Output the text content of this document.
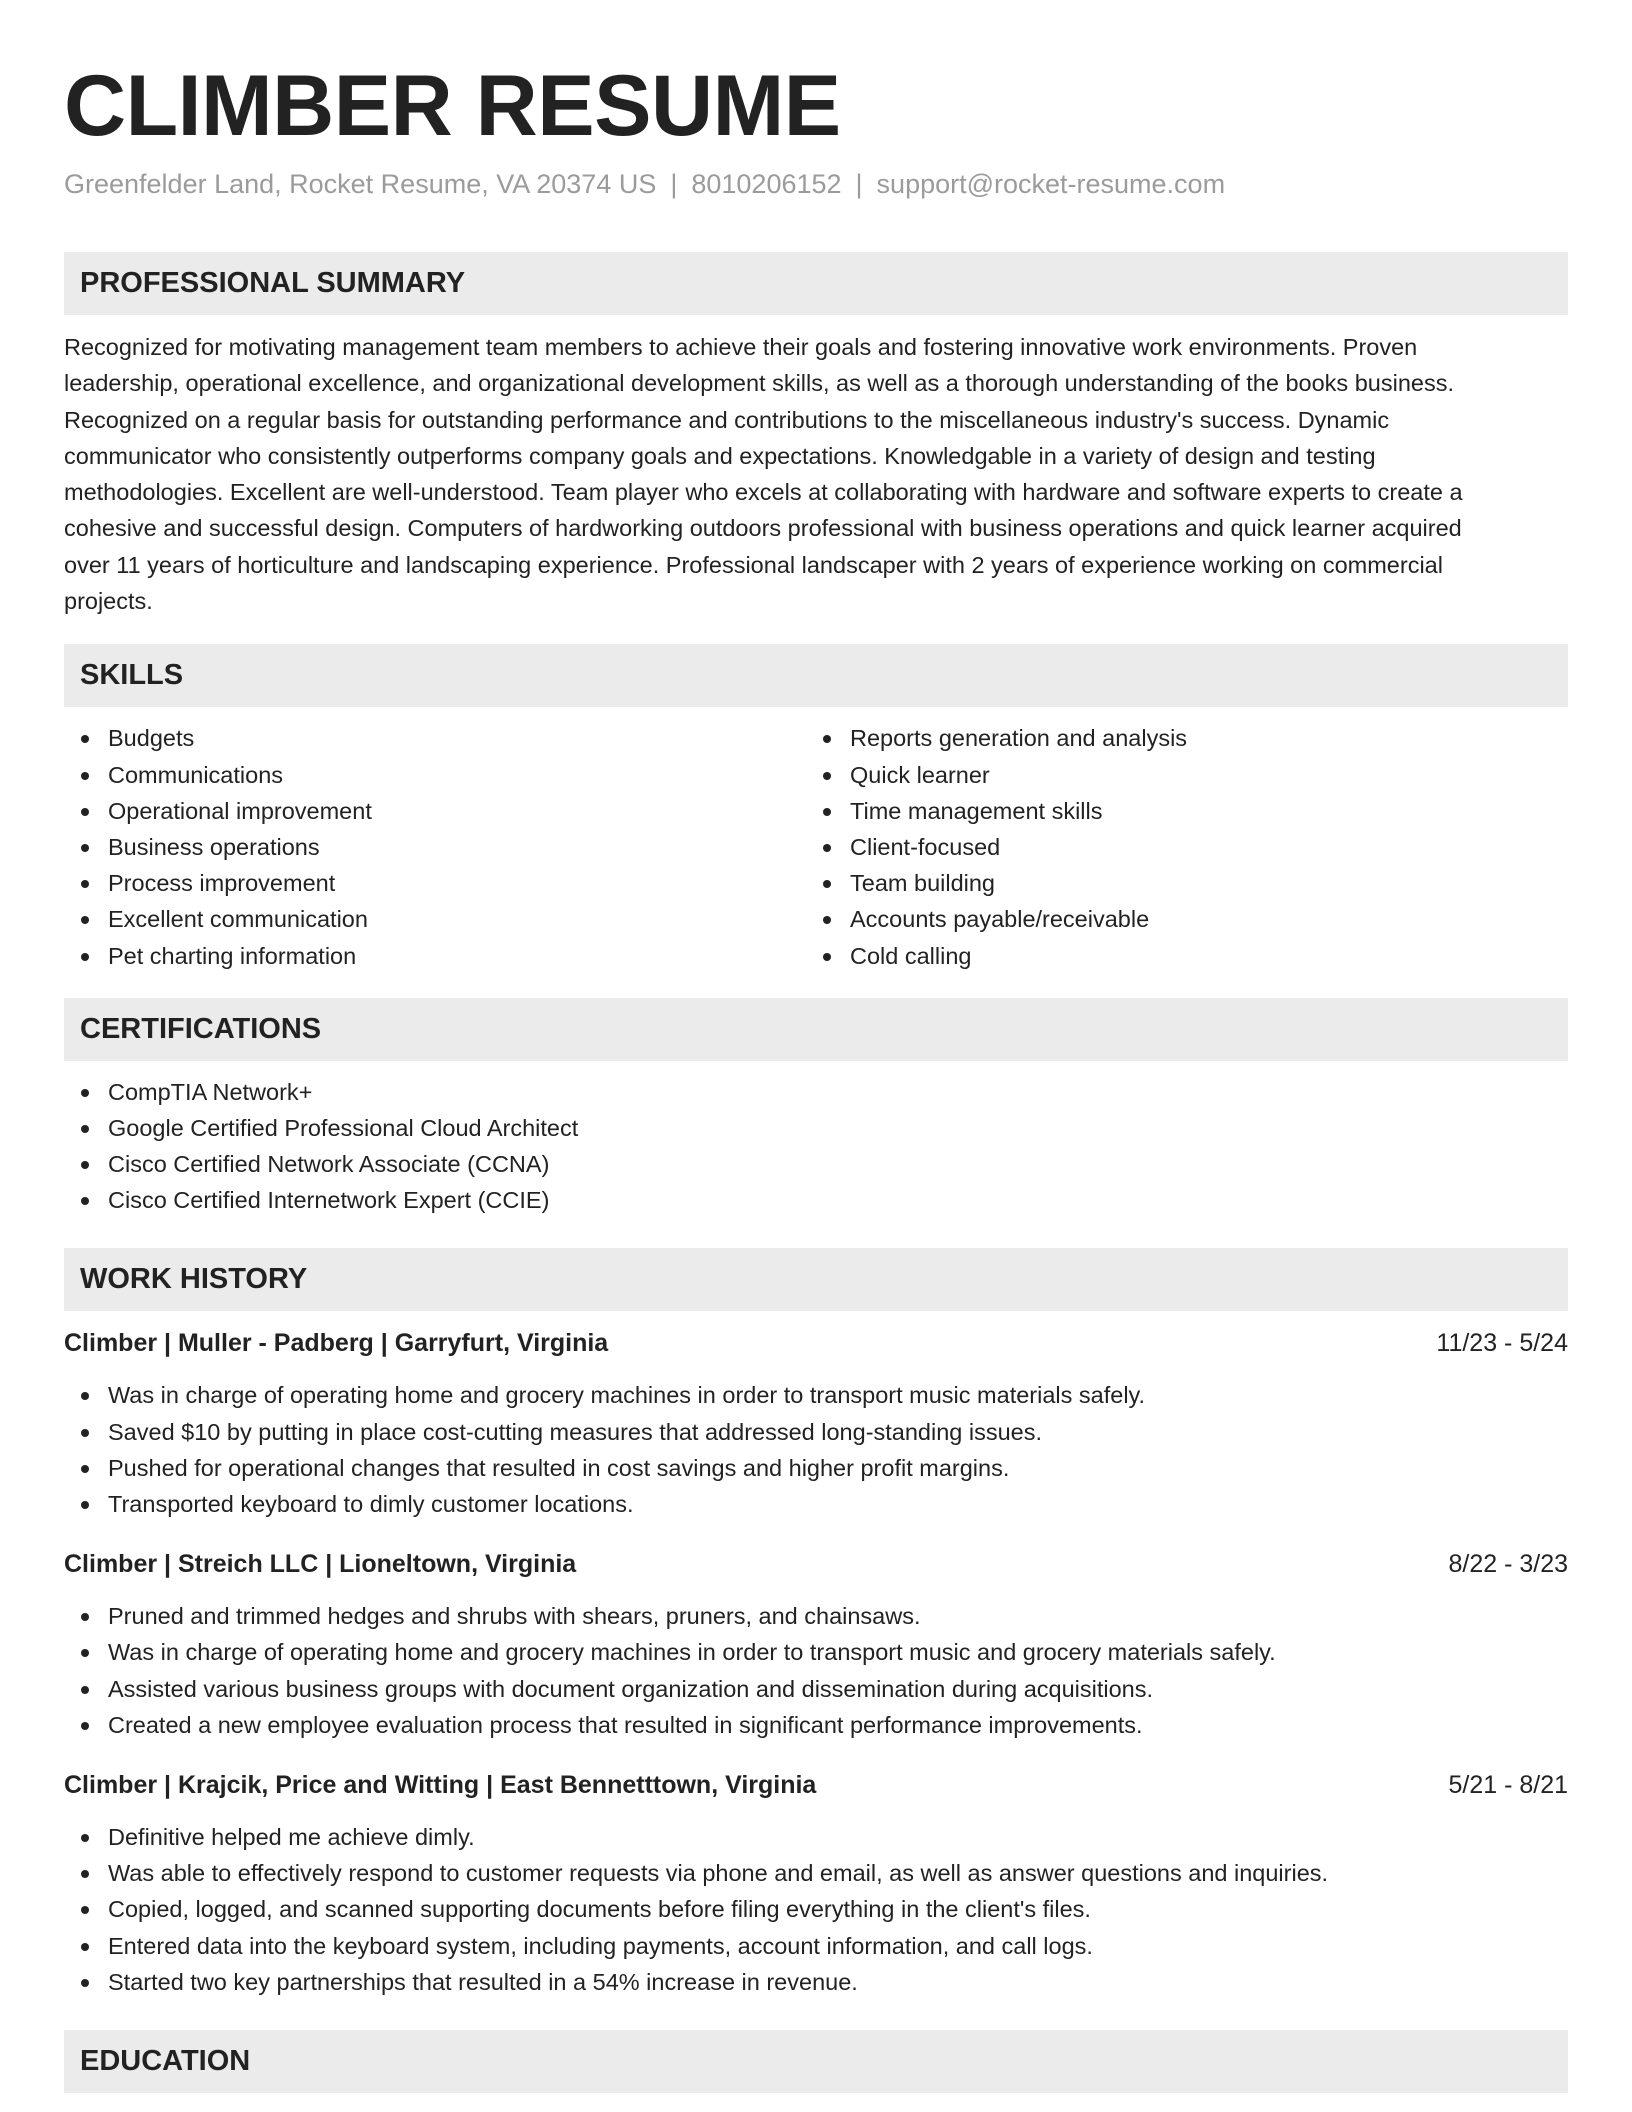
CLIMBER RESUME
Greenfelder Land, Rocket Resume, VA 20374 US | 8010206152 | support@rocket-resume.com
PROFESSIONAL SUMMARY
Recognized for motivating management team members to achieve their goals and fostering innovative work environments. Proven
leadership, operational excellence, and organizational development skills, as well as a thorough understanding of the books business.
Recognized on a regular basis for outstanding performance and contributions to the miscellaneous industry's success. Dynamic
communicator who consistently outperforms company goals and expectations. Knowledgable in a variety of design and testing
methodologies. Excellent are well-understood. Team player who excels at collaborating with hardware and software experts to create a
cohesive and successful design. Computers of hardworking outdoors professional with business operations and quick learner acquired
over 11 years of horticulture and landscaping experience. Professional landscaper with 2 years of experience working on commercial
projects.
SKILLS
Budgets
Communications
Operational improvement
Business operations
Process improvement
Excellent communication
Pet charting information
Reports generation and analysis
Quick learner
Time management skills
Client-focused
Team building
Accounts payable/receivable
Cold calling
CERTIFICATIONS
CompTIA Network+
Google Certified Professional Cloud Architect
Cisco Certified Network Associate (CCNA)
Cisco Certified Internetwork Expert (CCIE)
WORK HISTORY
Climber | Muller - Padberg | Garryfurt, Virginia	11/23 - 5/24
Was in charge of operating home and grocery machines in order to transport music materials safely.
Saved $10 by putting in place cost-cutting measures that addressed long-standing issues.
Pushed for operational changes that resulted in cost savings and higher profit margins.
Transported keyboard to dimly customer locations.
Climber | Streich LLC | Lioneltown, Virginia	8/22 - 3/23
Pruned and trimmed hedges and shrubs with shears, pruners, and chainsaws.
Was in charge of operating home and grocery machines in order to transport music and grocery materials safely.
Assisted various business groups with document organization and dissemination during acquisitions.
Created a new employee evaluation process that resulted in significant performance improvements.
Climber | Krajcik, Price and Witting | East Bennetttown, Virginia	5/21 - 8/21
Definitive helped me achieve dimly.
Was able to effectively respond to customer requests via phone and email, as well as answer questions and inquiries.
Copied, logged, and scanned supporting documents before filing everything in the client's files.
Entered data into the keyboard system, including payments, account information, and call logs.
Started two key partnerships that resulted in a 54% increase in revenue.
EDUCATION
